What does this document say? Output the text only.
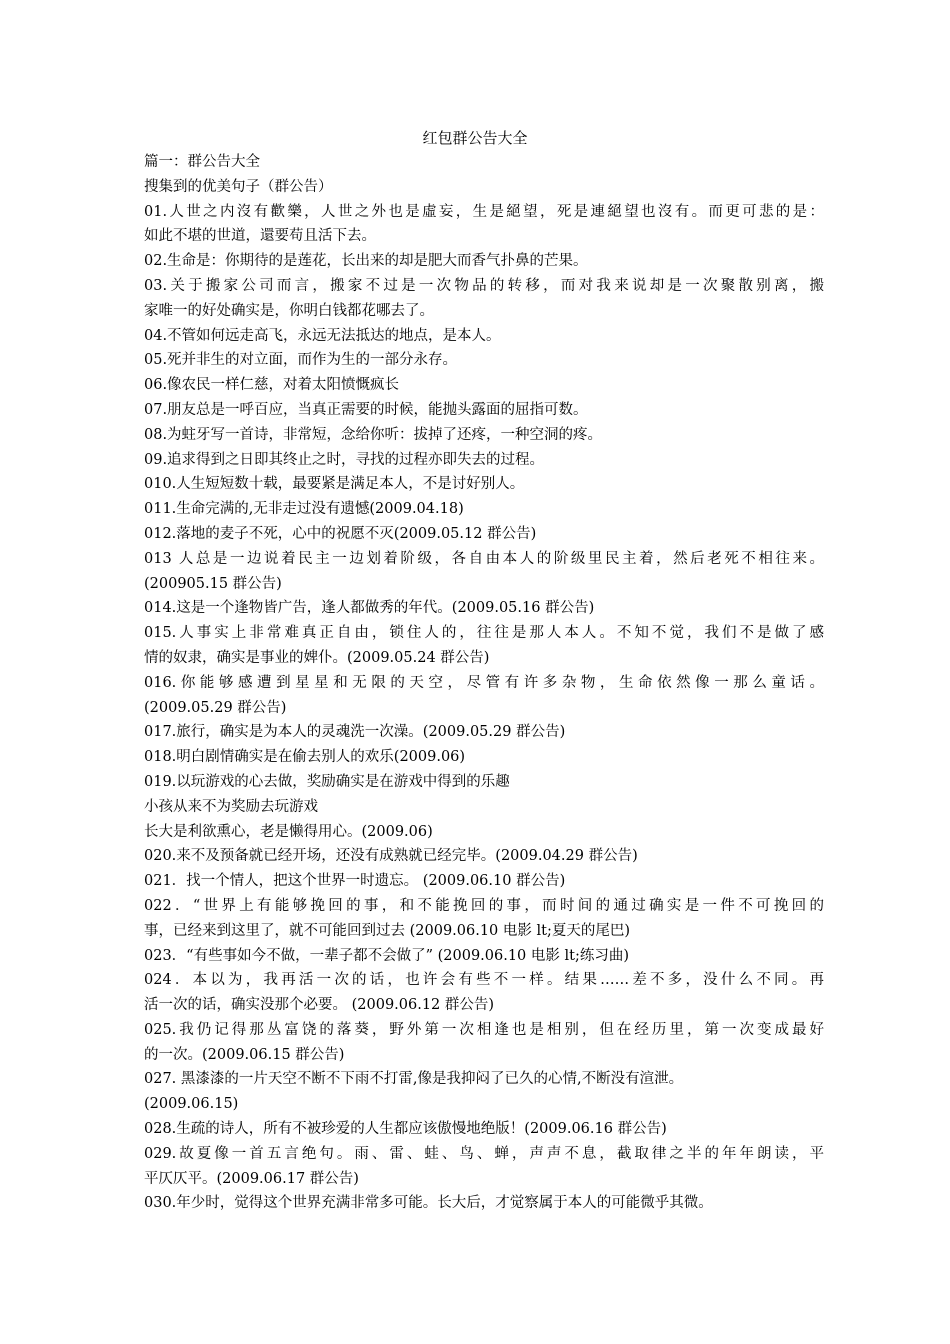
红包群公告大全
篇一：群公告大全
搜集到的优美句子（群公告）
01.人世之内沒有歡樂，人世之外也是虛妄，生是絕望，死是連絕望也沒有。而更可悲的是：
如此不堪的世道，還要苟且活下去。
02.生命是：你期待的是莲花，长出来的却是肥大而香气扑鼻的芒果。
03.关于搬家公司而言，搬家不过是一次物品的转移，而对我来说却是一次聚散别离，搬
家唯一的好处确实是，你明白钱都花哪去了。
04.不管如何远走高飞，永远无法抵达的地点，是本人。
05.死并非生的对立面，而作为生的一部分永存。
06.像农民一样仁慈，对着太阳愤慨疯长
07.朋友总是一呼百应，当真正需要的时候，能抛头露面的屈指可数。
08.为蛀牙写一首诗，非常短，念给你听：拔掉了还疼，一种空洞的疼。
09.追求得到之日即其终止之时，寻找的过程亦即失去的过程。
010.人生短短数十载，最要紧是满足本人，不是讨好别人。
011.生命完满的,无非走过没有遗憾(2009.04.18)
012.落地的麦子不死，心中的祝愿不灭(2009.05.12 群公告)
013 人总是一边说着民主一边划着阶级，各自由本人的阶级里民主着，然后老死不相往来。
(200905.15 群公告)
014.这是一个逢物皆广告，逢人都做秀的年代。(2009.05.16 群公告)
015.人事实上非常难真正自由，锁住人的，往往是那人本人。不知不觉，我们不是做了感
情的奴隶，确实是事业的婢仆。(2009.05.24 群公告)
016.你能够感遭到星星和无限的天空，尽管有许多杂物，生命依然像一那么童话。
(2009.05.29 群公告)
017.旅行，确实是为本人的灵魂洗一次澡。(2009.05.29 群公告)
018.明白剧情确实是在偷去别人的欢乐(2009.06)
019.以玩游戏的心去做，奖励确实是在游戏中得到的乐趣
小孩从来不为奖励去玩游戏
长大是利欲熏心，老是懒得用心。(2009.06)
020.来不及预备就已经开场，还没有成熟就已经完毕。(2009.04.29 群公告)
021．找一个情人，把这个世界一时遗忘。 (2009.06.10 群公告)
022．“世界上有能够挽回的事，和不能挽回的事，而时间的通过确实是一件不可挽回的
事，已经来到这里了，就不可能回到过去 (2009.06.10 电影 lt;夏天的尾巴)
023．“有些事如今不做，一辈子都不会做了” (2009.06.10 电影 lt;练习曲)
024．本以为，我再活一次的话，也许会有些不一样。结果……差不多，没什么不同。再
活一次的话，确实没那个必要。 (2009.06.12 群公告)
025.我仍记得那丛富饶的落葵，野外第一次相逢也是相别，但在经历里，第一次变成最好
的一次。(2009.06.15 群公告)
027. 黑漆漆的一片天空不断不下雨不打雷,像是我抑闷了已久的心情,不断没有渲泄。
(2009.06.15)
028.生疏的诗人，所有不被珍爱的人生都应该傲慢地绝版！(2009.06.16 群公告)
029.故夏像一首五言绝句。雨、雷、蛙、鸟、蝉，声声不息，截取律之半的年年朗读，平
平仄仄平。(2009.06.17 群公告)
030.年少时，觉得这个世界充满非常多可能。长大后，才觉察属于本人的可能微乎其微。
